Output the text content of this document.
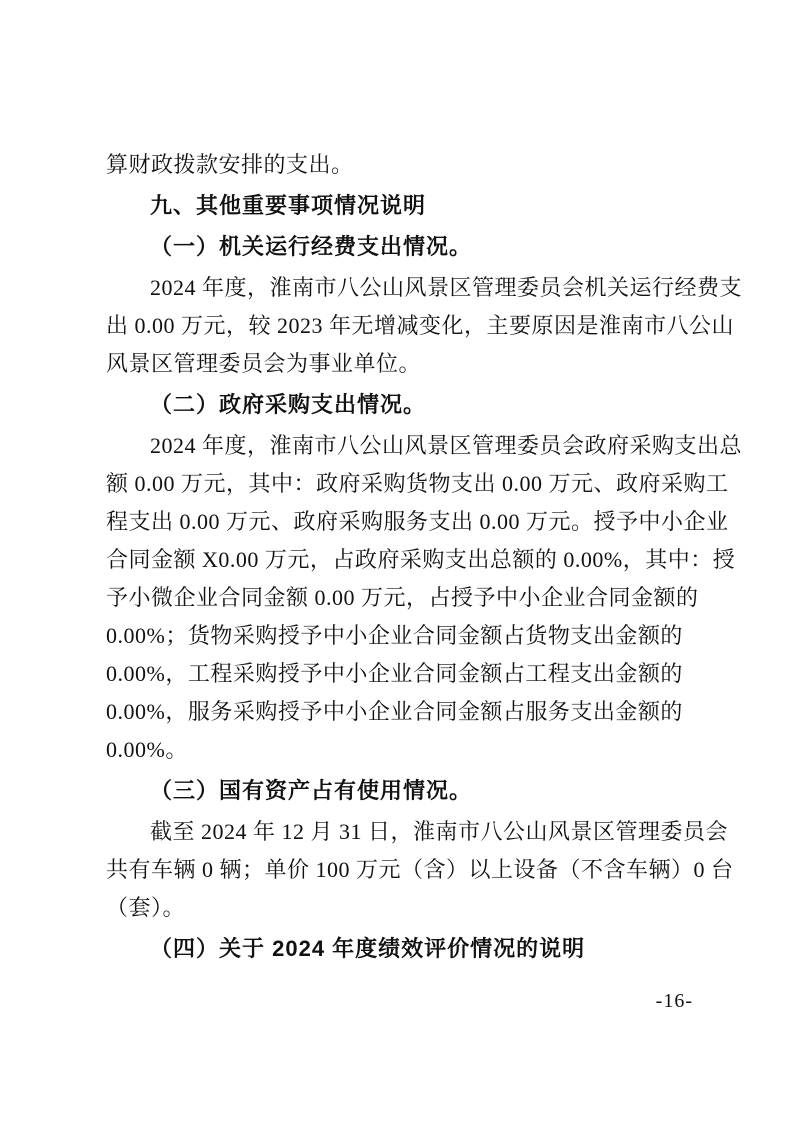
算财政拨款安排的支出。
九、其他重要事项情况说明
（一）机关运行经费支出情况。
2024 年度，淮南市八公山风景区管理委员会机关运行经费支
出 0.00 万元，较 2023 年无增减变化，主要原因是淮南市八公山
风景区管理委员会为事业单位。
（二）政府采购支出情况。
2024 年度，淮南市八公山风景区管理委员会政府采购支出总
额 0.00 万元，其中：政府采购货物支出 0.00 万元、政府采购工
程支出 0.00 万元、政府采购服务支出 0.00 万元。授予中小企业
合同金额 X0.00 万元，占政府采购支出总额的 0.00%，其中：授
予小微企业合同金额 0.00 万元，占授予中小企业合同金额的
0.00%；货物采购授予中小企业合同金额占货物支出金额的
0.00%，工程采购授予中小企业合同金额占工程支出金额的
0.00%，服务采购授予中小企业合同金额占服务支出金额的
0.00%。
（三）国有资产占有使用情况。
截至 2024 年 12 月 31 日，淮南市八公山风景区管理委员会
共有车辆 0 辆；单价 100 万元（含）以上设备（不含车辆）0 台
（套）。
（四）关于 2024 年度绩效评价情况的说明
-16-
